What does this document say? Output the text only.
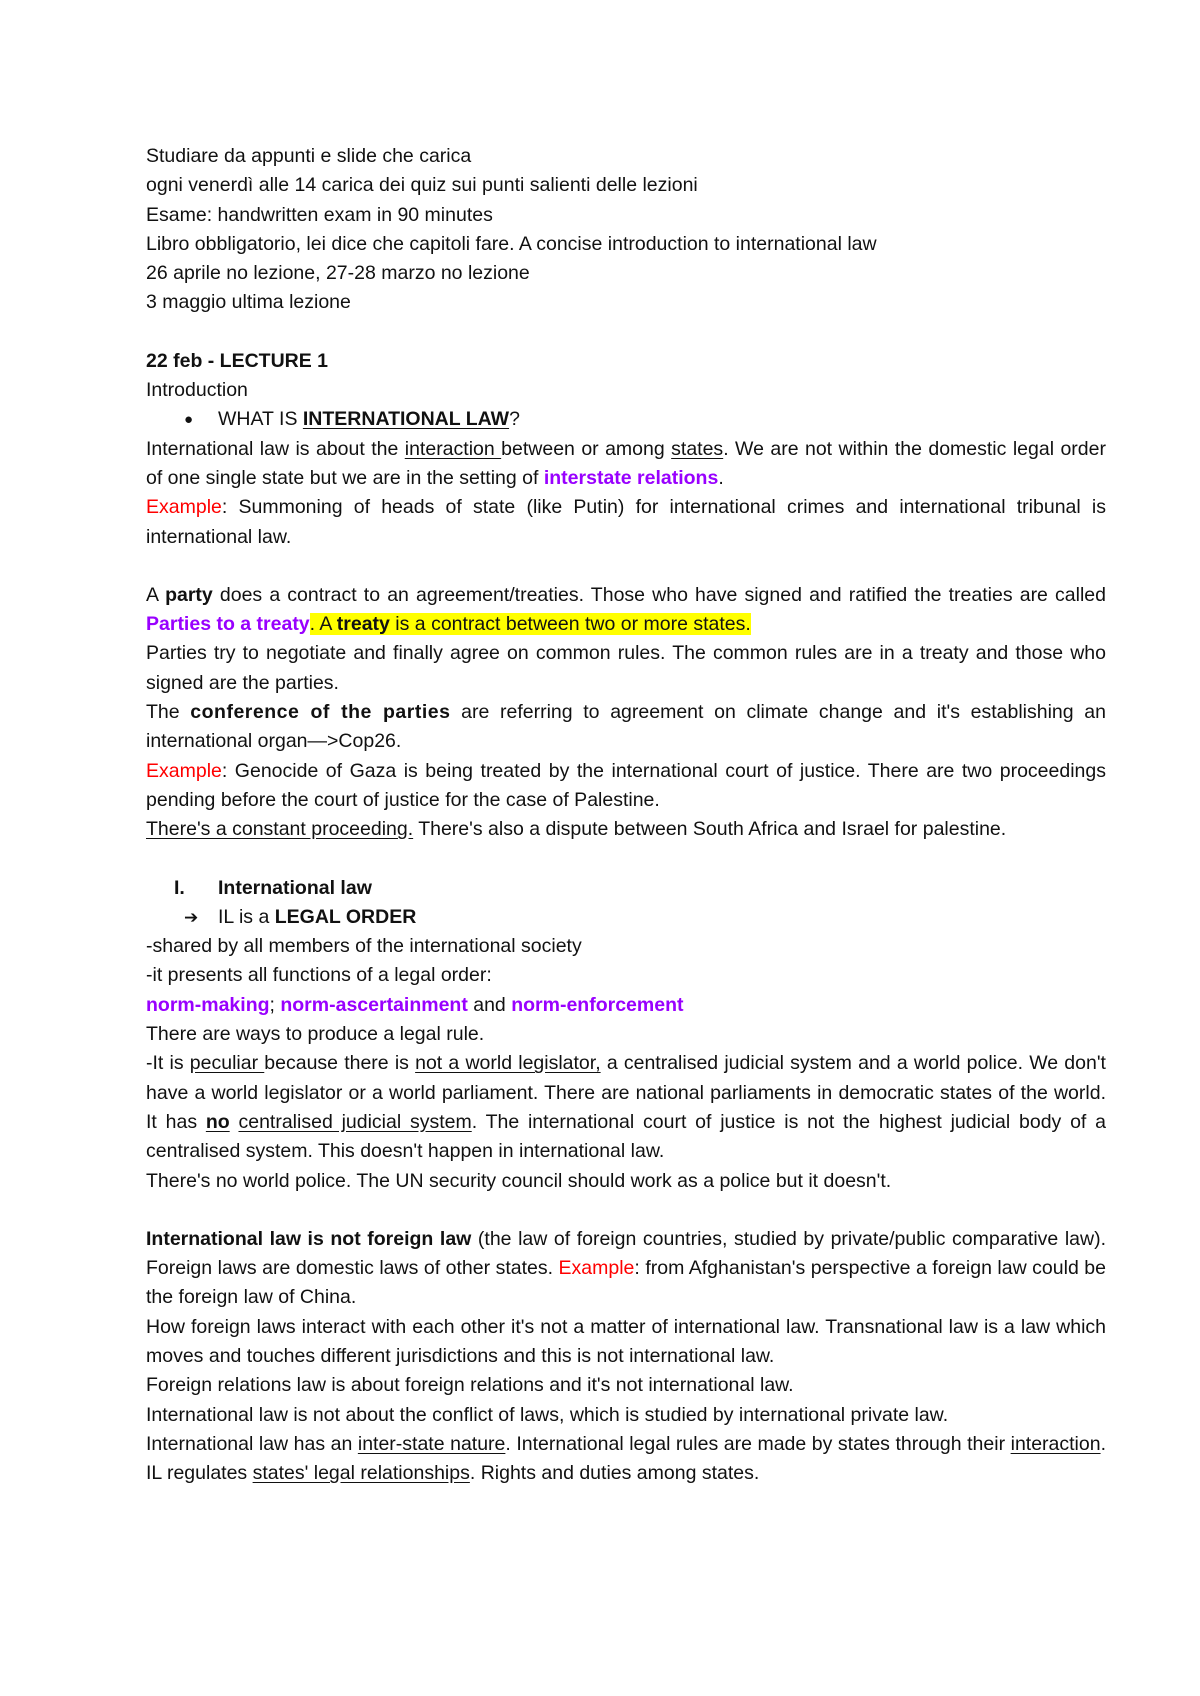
Studiare da appunti e slide che carica

ogni venerdì alle 14 carica dei quiz sui punti salienti delle lezioni

Esame: handwritten exam in 90 minutes

Libro obbligatorio, lei dice che capitoli fare. A concise introduction to international law

26 aprile no lezione, 27-28 marzo no lezione

3 maggio ultima lezione

22 feb - LECTURE 1

Introduction

● WHAT IS INTERNATIONAL LAW?

International law is about the interaction between or among states. We are not within the domestic legal order of one single state but we are in the setting of interstate relations.

Example: Summoning of heads of state (like Putin) for international crimes and international tribunal is international law.

A party does a contract to an agreement/treaties. Those who have signed and ratified the treaties are called Parties to a treaty. A treaty is a contract between two or more states.

Parties try to negotiate and finally agree on common rules. The common rules are in a treaty and those who signed are the parties.

The conference of the parties are referring to agreement on climate change and it's establishing an international organ—>Cop26.

Example: Genocide of Gaza is being treated by the international court of justice. There are two proceedings pending before the court of justice for the case of Palestine.

There's a constant proceeding. There's also a dispute between South Africa and Israel for palestine.

I. International law

➔ IL is a LEGAL ORDER

-shared by all members of the international society

-it presents all functions of a legal order:

norm-making; norm-ascertainment and norm-enforcement

There are ways to produce a legal rule.

-It is peculiar because there is not a world legislator, a centralised judicial system and a world police. We don't have a world legislator or a world parliament. There are national parliaments in democratic states of the world. It has no centralised judicial system. The international court of justice is not the highest judicial body of a centralised system. This doesn't happen in international law.

There's no world police. The UN security council should work as a police but it doesn't.

International law is not foreign law (the law of foreign countries, studied by private/public comparative law). Foreign laws are domestic laws of other states. Example: from Afghanistan's perspective a foreign law could be the foreign law of China.

How foreign laws interact with each other it's not a matter of international law. Transnational law is a law which moves and touches different jurisdictions and this is not international law.

Foreign relations law is about foreign relations and it's not international law.

International law is not about the conflict of laws, which is studied by international private law.

International law has an inter-state nature. International legal rules are made by states through their interaction. IL regulates states' legal relationships. Rights and duties among states.
